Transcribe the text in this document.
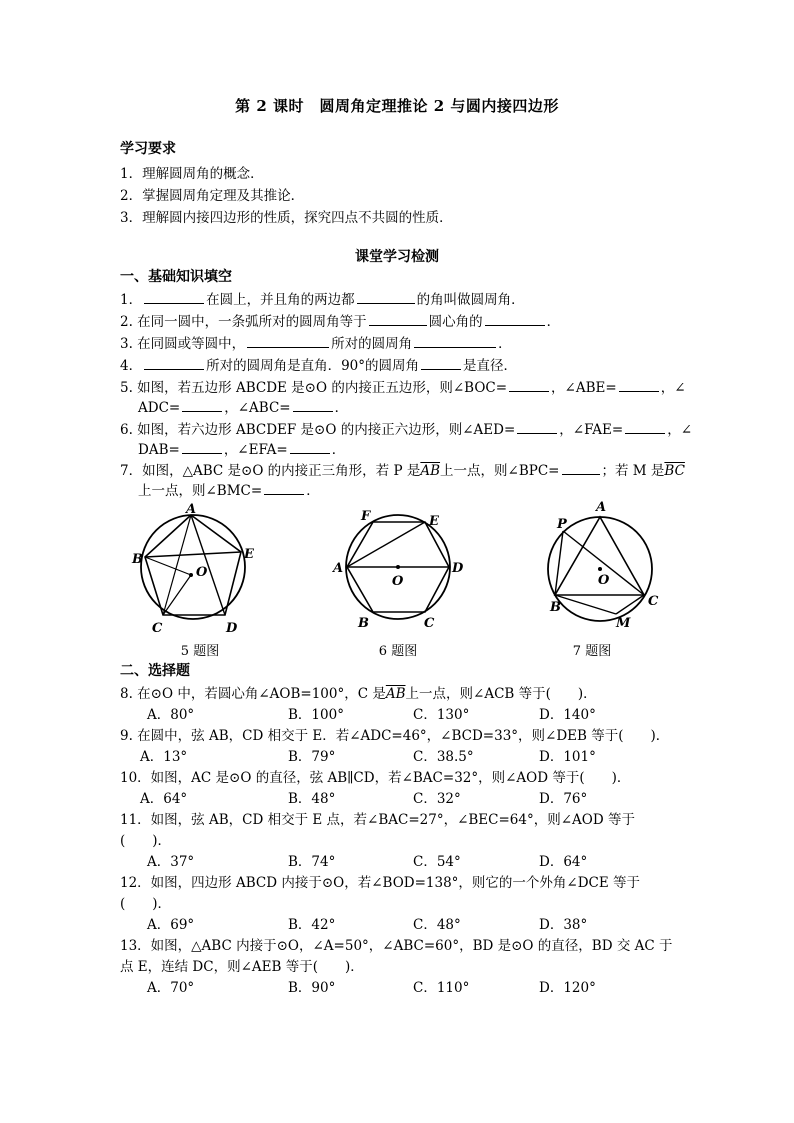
第 2 课时　圆周角定理推论 2 与圆内接四边形
学习要求
1．理解圆周角的概念．
2．掌握圆周角定理及其推论．
3．理解圆内接四边形的性质，探究四点不共圆的性质．
课堂学习检测
一、基础知识填空
1．	在圆上，并且角的两边都	的角叫做圆周角．
2. 在同一圆中，一条弧所对的圆周角等于	圆心角的	．
3. 在同圆或等圆中，	所对的圆周角	．
4．	所对的圆周角是直角．90°的圆周角	是直径．
5. 如图，若五边形 ABCDE 是⊙O 的内接正五边形，则∠BOC=	，∠ABE=	，∠
ADC=	，∠ABC=	．
6. 如图，若六边形 ABCDEF 是⊙O 的内接正六边形，则∠AED=	，∠FAE=	，∠
DAB=	，∠EFA=	．
7．如图，△ABC 是⊙O 的内接正三角形，若 P 是$\overline{AB}$上一点，则∠BPC=	；若 M 是$\overline{BC}$
上一点，则∠BMC=	．
A
B
C	D
E
O
5 题图
A
B	C
D
E
F
O
6 题图
A
B	C
P
M
O
7 题图
二、选择题
8. 在⊙O 中，若圆心角∠AOB=100°，C 是$\overline{AB}$上一点，则∠ACB 等于(　　)．
A．80°	B．100°	C．130°	D．140°
9. 在圆中，弦 AB，CD 相交于 E．若∠ADC=46°，∠BCD=33°，则∠DEB 等于(　　)．
A．13°	B．79°	C．38.5°	D．101°
10．如图，AC 是⊙O 的直径，弦 AB∥CD，若∠BAC=32°，则∠AOD 等于(　　)．
A．64°	B．48°	C．32°	D．76°
11．如图，弦 AB，CD 相交于 E 点，若∠BAC=27°，∠BEC=64°，则∠AOD 等于
(　　)．
A．37°	B．74°	C．54°	D．64°
12．如图，四边形 ABCD 内接于⊙O，若∠BOD=138°，则它的一个外角∠DCE 等于
(　　)．
A．69°	B．42°	C．48°	D．38°
13．如图，△ABC 内接于⊙O，∠A=50°，∠ABC=60°，BD 是⊙O 的直径，BD 交 AC 于
点 E，连结 DC，则∠AEB 等于(　　)．
A．70°	B．90°	C．110°	D．120°
